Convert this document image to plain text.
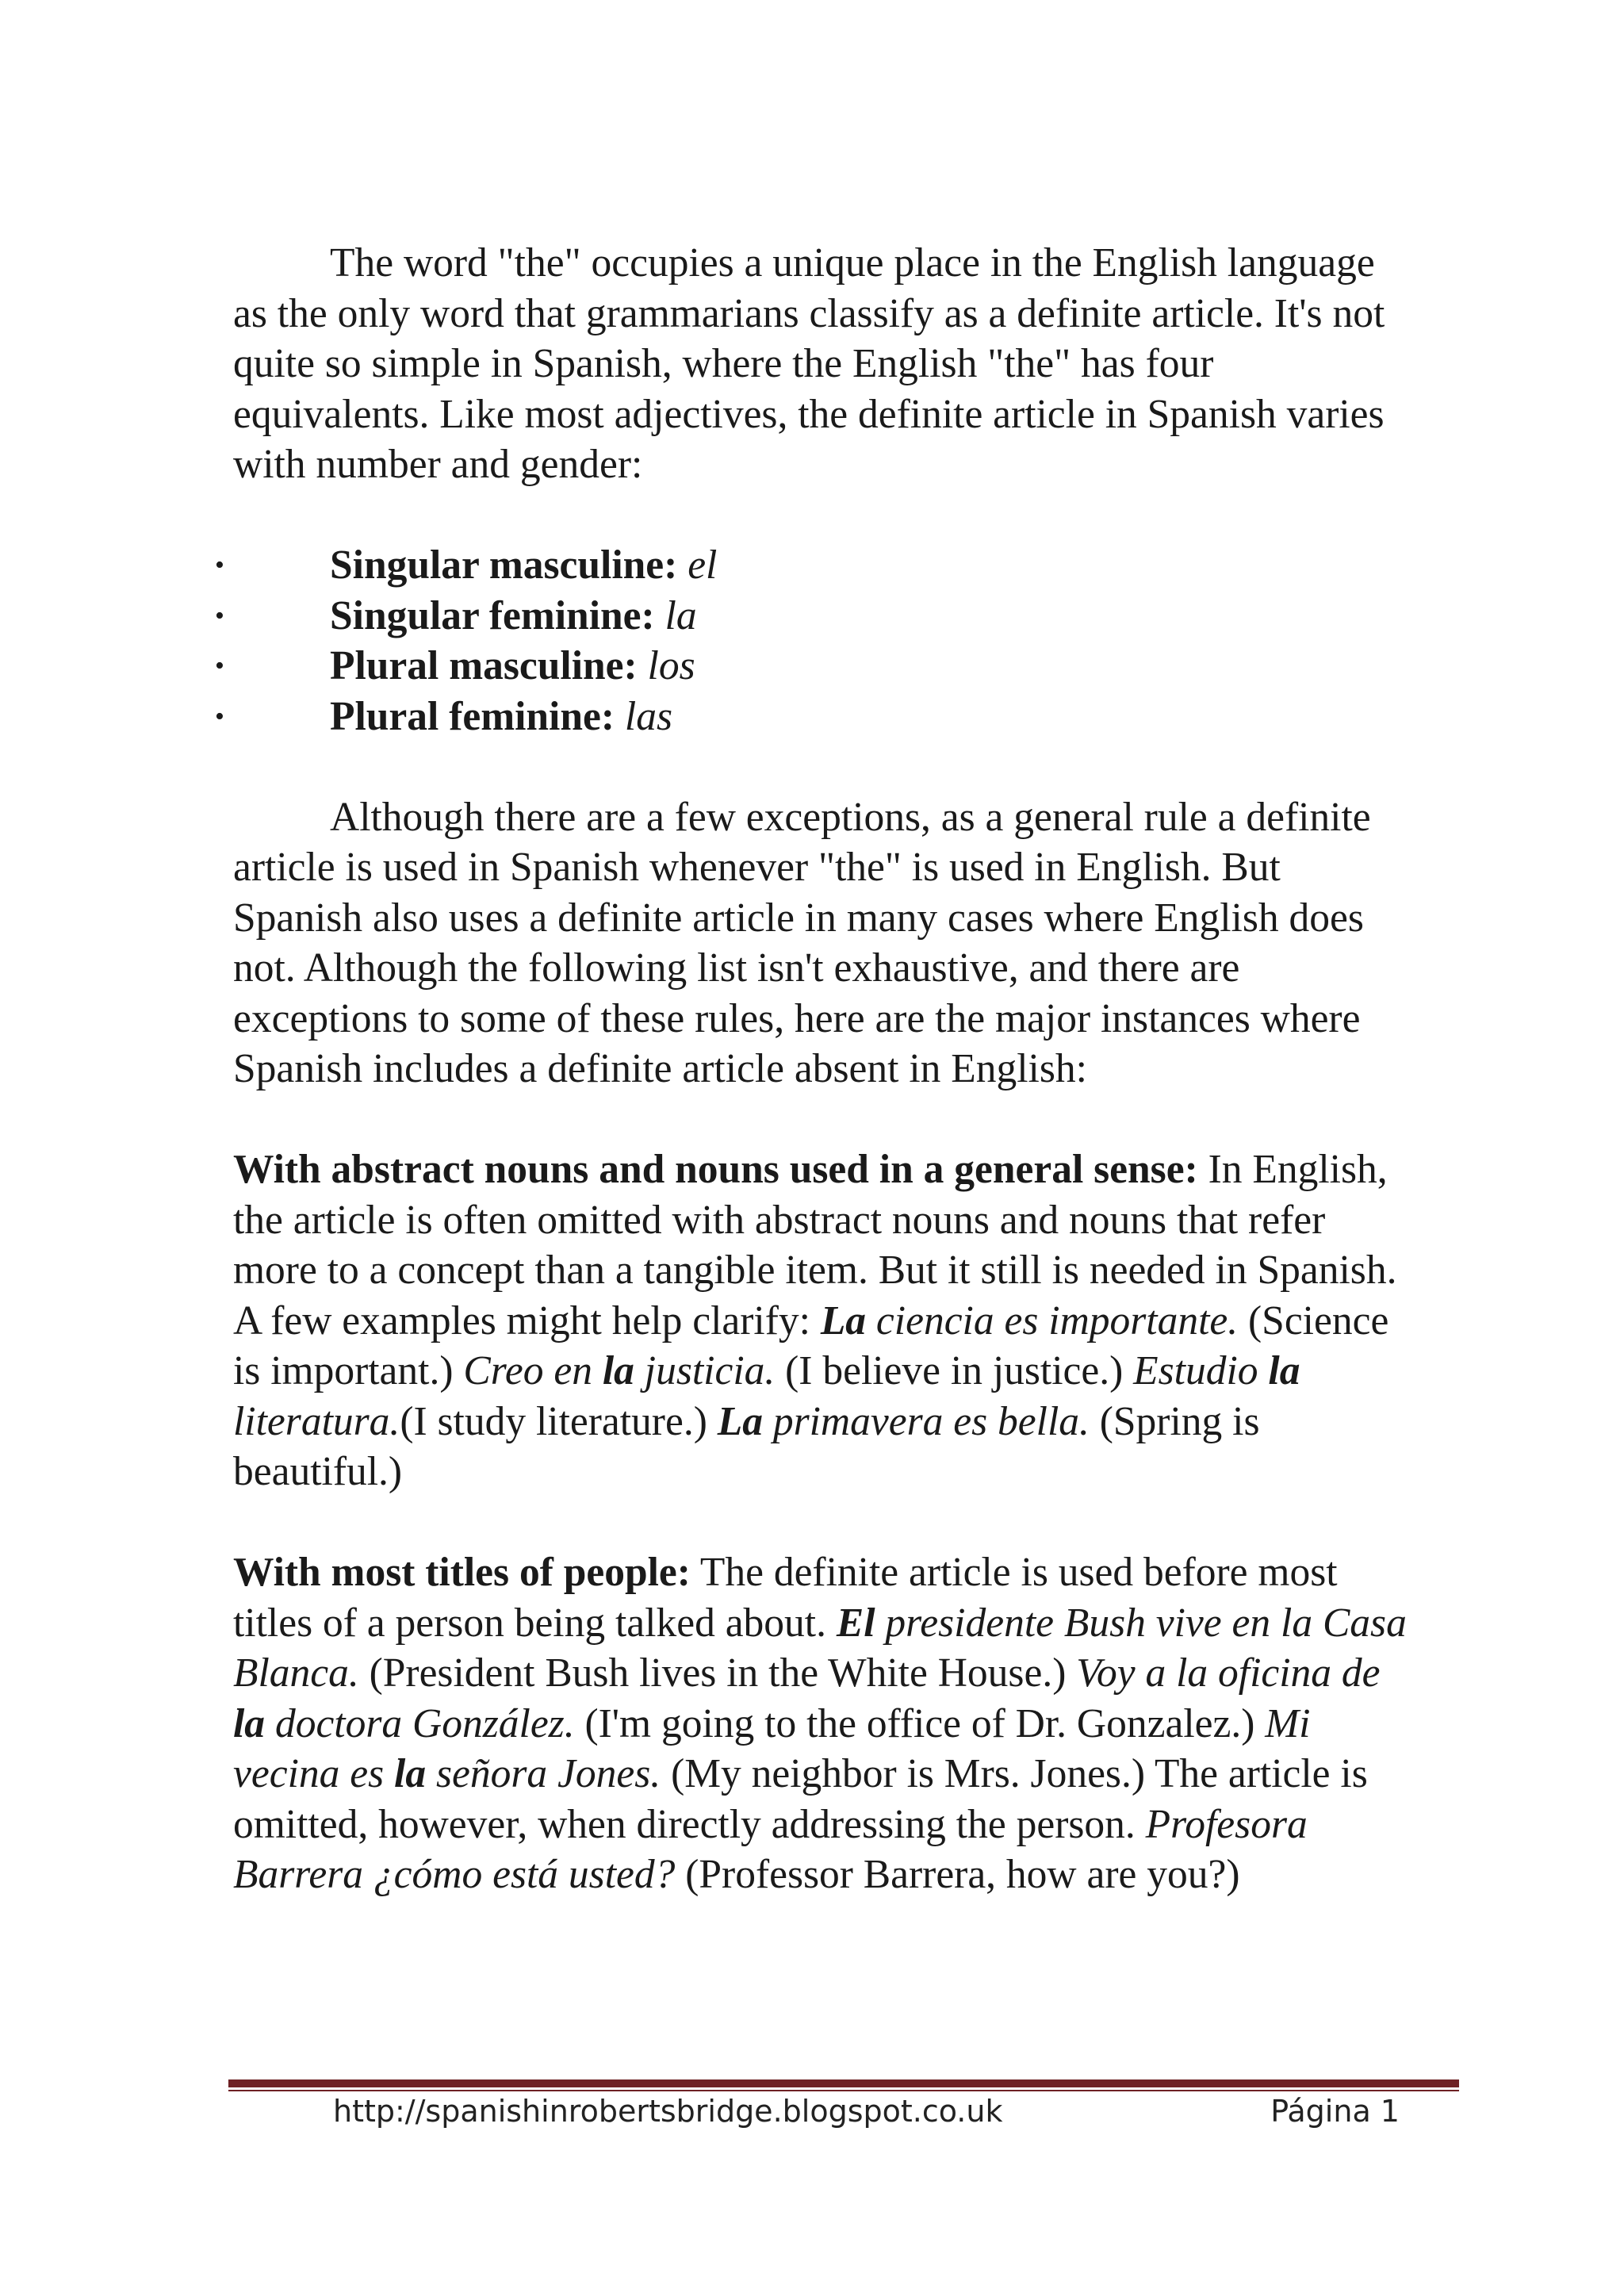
The word "the" occupies a unique place in the English language as the only word that grammarians classify as a definite article. It's not quite so simple in Spanish, where the English "the" has four equivalents. Like most adjectives, the definite article in Spanish varies with number and gender:

•	Singular masculine: el
•	Singular feminine: la
•	Plural masculine: los
•	Plural feminine: las

Although there are a few exceptions, as a general rule a definite article is used in Spanish whenever "the" is used in English. But Spanish also uses a definite article in many cases where English does not. Although the following list isn't exhaustive, and there are exceptions to some of these rules, here are the major instances where Spanish includes a definite article absent in English:

With abstract nouns and nouns used in a general sense: In English, the article is often omitted with abstract nouns and nouns that refer more to a concept than a tangible item. But it still is needed in Spanish. A few examples might help clarify: La ciencia es importante. (Science is important.) Creo en la justicia. (I believe in justice.) Estudio la literatura.(I study literature.) La primavera es bella. (Spring is beautiful.)

With most titles of people: The definite article is used before most titles of a person being talked about. El presidente Bush vive en la Casa Blanca. (President Bush lives in the White House.) Voy a la oficina de la doctora González. (I'm going to the office of Dr. Gonzalez.) Mi vecina es la señora Jones. (My neighbor is Mrs. Jones.) The article is omitted, however, when directly addressing the person. Profesora Barrera ¿cómo está usted? (Professor Barrera, how are you?)

http://spanishinrobertsbridge.blogspot.co.uk	Página 1
